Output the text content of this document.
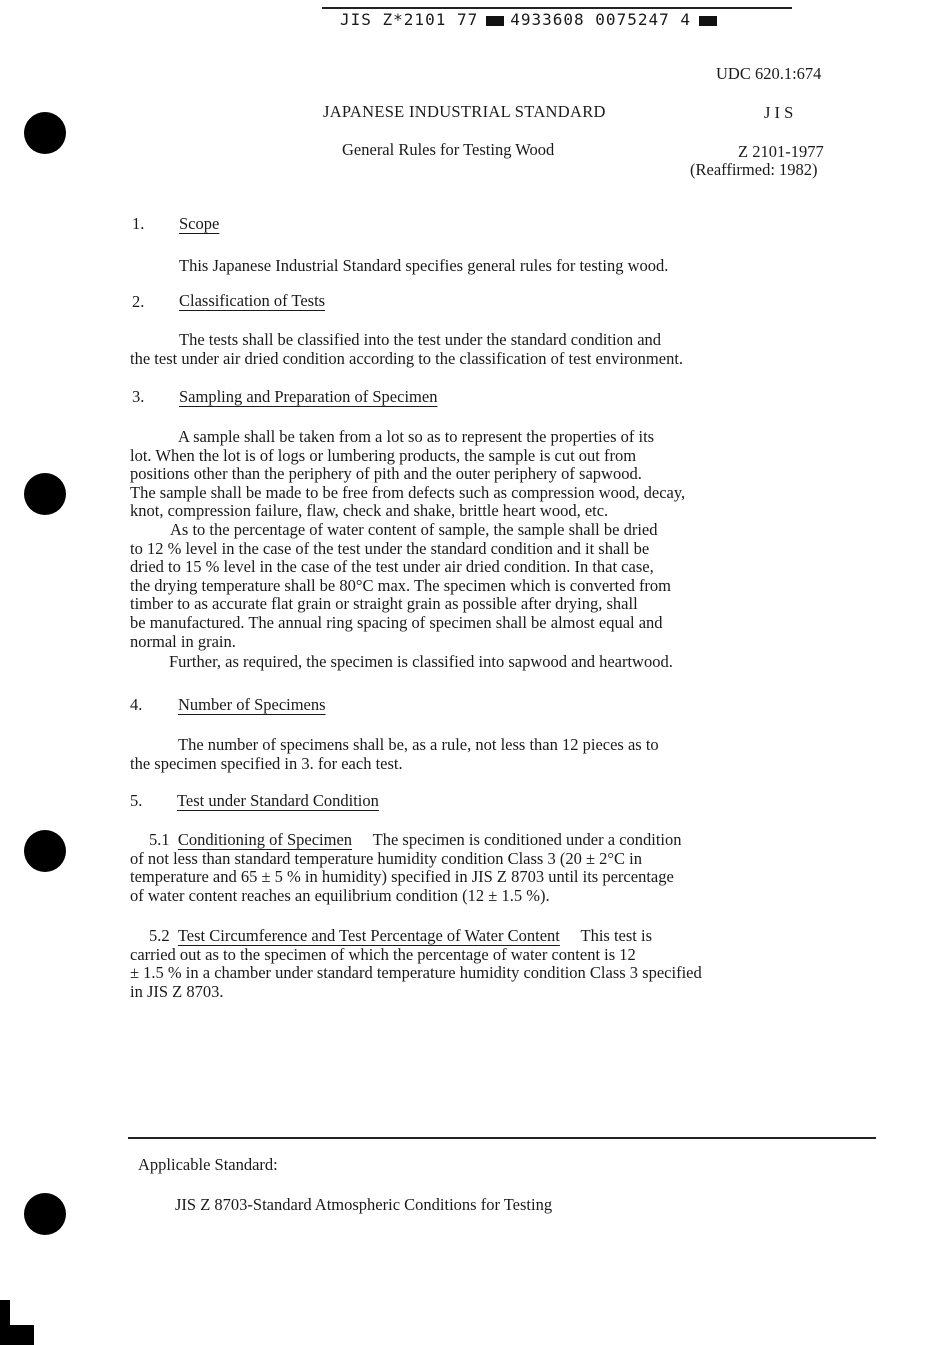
JIS Z*2101 77 4933608 0075247 4
UDC 620.1:674
JAPANESE INDUSTRIAL STANDARD	J I S
General Rules for Testing Wood	Z 2101-1977
(Reaffirmed: 1982)
1. Scope
This Japanese Industrial Standard specifies general rules for testing wood.
2. Classification of Tests
The tests shall be classified into the test under the standard condition and
the test under air dried condition according to the classification of test environment.
3. Sampling and Preparation of Specimen
A sample shall be taken from a lot so as to represent the properties of its
lot. When the lot is of logs or lumbering products, the sample is cut out from
positions other than the periphery of pith and the outer periphery of sapwood.
The sample shall be made to be free from defects such as compression wood, decay,
knot, compression failure, flaw, check and shake, brittle heart wood, etc.
As to the percentage of water content of sample, the sample shall be dried
to 12 % level in the case of the test under the standard condition and it shall be
dried to 15 % level in the case of the test under air dried condition. In that case,
the drying temperature shall be 80°C max. The specimen which is converted from
timber to as accurate flat grain or straight grain as possible after drying, shall
be manufactured. The annual ring spacing of specimen shall be almost equal and
normal in grain.
Further, as required, the specimen is classified into sapwood and heartwood.
4. Number of Specimens
The number of specimens shall be, as a rule, not less than 12 pieces as to
the specimen specified in 3. for each test.
5. Test under Standard Condition
5.1 Conditioning of Specimen The specimen is conditioned under a condition
of not less than standard temperature humidity condition Class 3 (20 ± 2°C in
temperature and 65 ± 5 % in humidity) specified in JIS Z 8703 until its percentage
of water content reaches an equilibrium condition (12 ± 1.5 %).
5.2 Test Circumference and Test Percentage of Water Content This test is
carried out as to the specimen of which the percentage of water content is 12
± 1.5 % in a chamber under standard temperature humidity condition Class 3 specified
in JIS Z 8703.
Applicable Standard:
JIS Z 8703-Standard Atmospheric Conditions for Testing
